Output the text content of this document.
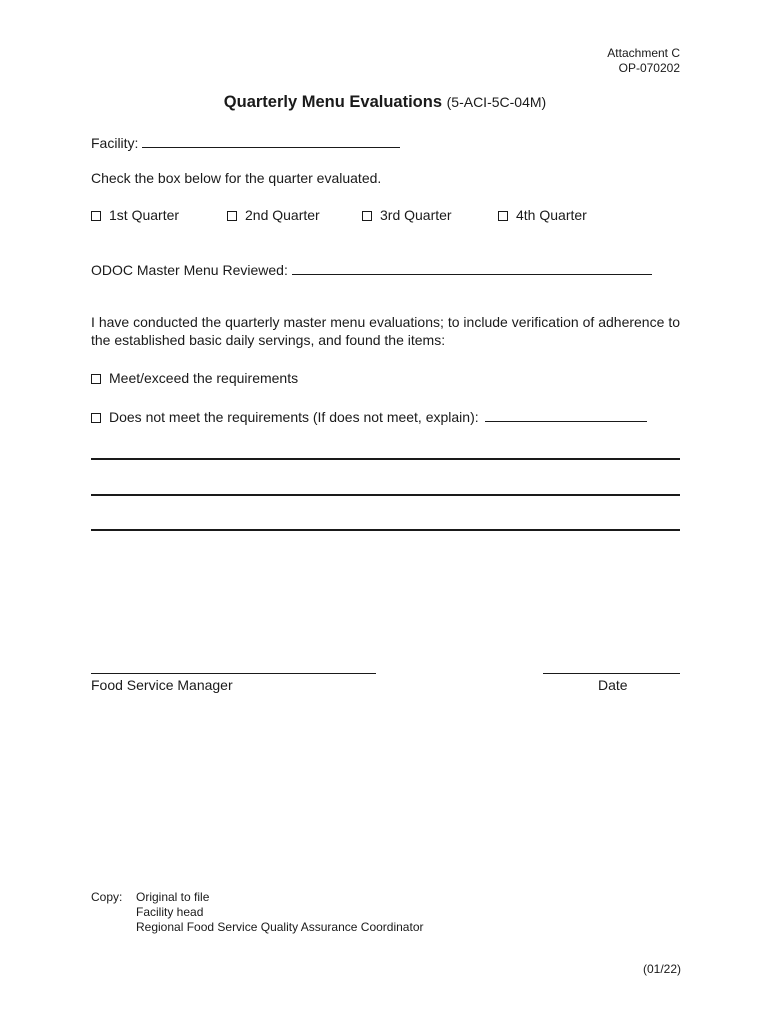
Attachment C
OP-070202
Quarterly Menu Evaluations (5-ACI-5C-04M)
Facility:
Check the box below for the quarter evaluated.
1st Quarter	2nd Quarter	3rd Quarter	4th Quarter
ODOC Master Menu Reviewed:
I have conducted the quarterly master menu evaluations; to include verification of adherence to the established basic daily servings, and found the items:
Meet/exceed the requirements
Does not meet the requirements (If does not meet, explain):
Food Service Manager	Date
Copy: Original to file
Facility head
Regional Food Service Quality Assurance Coordinator
(01/22)
